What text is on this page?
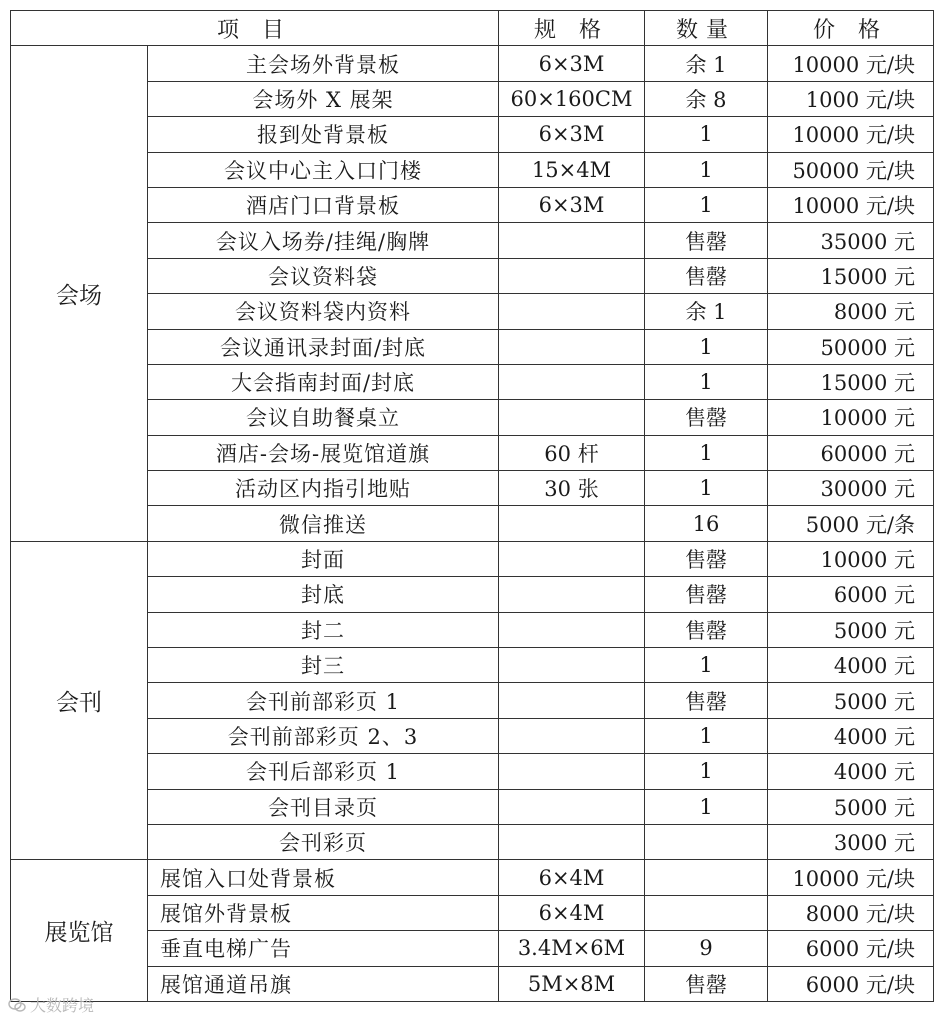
项 目		规 格	数量	价 格
会场	主会场外背景板	6×3M	余 1	10000 元/块
	会场外 X 展架	60×160CM	余 8	1000 元/块
	报到处背景板	6×3M	1	10000 元/块
	会议中心主入口门楼	15×4M	1	50000 元/块
	酒店门口背景板	6×3M	1	10000 元/块
	会议入场券/挂绳/胸牌		售罄	35000 元
	会议资料袋		售罄	15000 元
	会议资料袋内资料		余 1	8000 元
	会议通讯录封面/封底		1	50000 元
	大会指南封面/封底		1	15000 元
	会议自助餐桌立		售罄	10000 元
	酒店-会场-展览馆道旗	60 杆	1	60000 元
	活动区内指引地贴	30 张	1	30000 元
	微信推送		16	5000 元/条
会刊	封面		售罄	10000 元
	封底		售罄	6000 元
	封二		售罄	5000 元
	封三		1	4000 元
	会刊前部彩页 1		售罄	5000 元
	会刊前部彩页 2、3		1	4000 元
	会刊后部彩页 1		1	4000 元
	会刊目录页		1	5000 元
	会刊彩页			3000 元
展览馆	展馆入口处背景板	6×4M		10000 元/块
	展馆外背景板	6×4M		8000 元/块
	垂直电梯广告	3.4M×6M	9	6000 元/块
	展馆通道吊旗	5M×8M	售罄	6000 元/块
大数跨境
